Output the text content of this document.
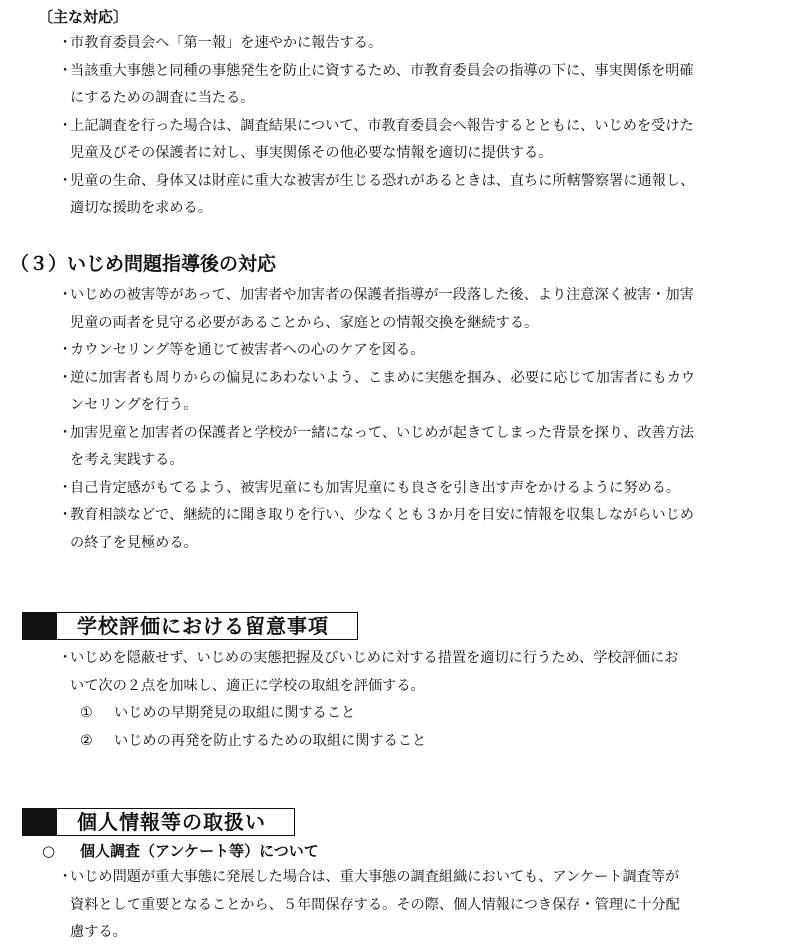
〔主な対応〕
・
市教育委員会へ「第一報」を速やかに報告する。
・
当該重大事態と同種の事態発生を防止に資するため、市教育委員会の指導の下に、事実関係を明確
にするための調査に当たる。
・
上記調査を行った場合は、調査結果について、市教育委員会へ報告するとともに、いじめを受けた
児童及びその保護者に対し、事実関係その他必要な情報を適切に提供する。
・
児童の生命、身体又は財産に重大な被害が生じる恐れがあるときは、直ちに所轄警察署に通報し、
適切な援助を求める。
（３）いじめ問題指導後の対応
・
いじめの被害等があって、加害者や加害者の保護者指導が一段落した後、より注意深く被害・加害
児童の両者を見守る必要があることから、家庭との情報交換を継続する。
・
カウンセリング等を通じて被害者への心のケアを図る。
・
逆に加害者も周りからの偏見にあわないよう、こまめに実態を掴み、必要に応じて加害者にもカウ
ンセリングを行う。
・
加害児童と加害者の保護者と学校が一緒になって、いじめが起きてしまった背景を探り、改善方法
を考え実践する。
・
自己肯定感がもてるよう、被害児童にも加害児童にも良さを引き出す声をかけるように努める。
・
教育相談などで、継続的に聞き取りを行い、少なくとも３か月を目安に情報を収集しながらいじめ
の終了を見極める。
学校評価における留意事項
・
いじめを隠蔽せず、いじめの実態把握及びいじめに対する措置を適切に行うため、学校評価にお
いて次の２点を加味し、適正に学校の取組を評価する。
① いじめの早期発見の取組に関すること
② いじめの再発を防止するための取組に関すること
個人情報等の取扱い
○ 個人調査（アンケート等）について
・
いじめ問題が重大事態に発展した場合は、重大事態の調査組織においても、アンケート調査等が
資料として重要となることから、５年間保存する。その際、個人情報につき保存・管理に十分配
慮する。
